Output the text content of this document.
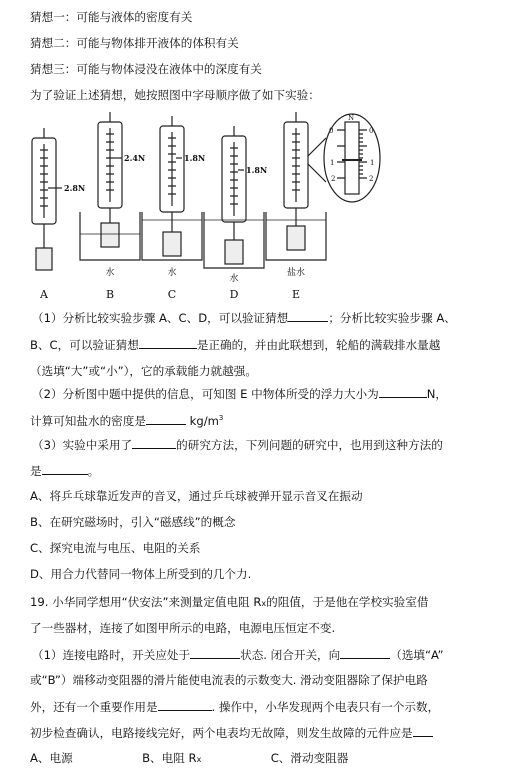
猜想一：可能与液体的密度有关
猜想二：可能与物体排开液体的体积有关
猜想三：可能与物体浸没在液体中的深度有关
为了验证上述猜想，她按照图中字母顺序做了如下实验：
2.8N
2.4N	1.8N
1.8N
N
0
1
2
0
1
2
水	水
水
盐水
A	B	C	D	E
（1）分析比较实验步骤 A、C、D，可以验证猜想	；分析比较实验步骤 A、
B、C，可以验证猜想	是正确的，并由此联想到，轮船的满载排水量越
（选填“大”或“小”），它的承载能力就越强。
（2）分析图中题中提供的信息，可知图 E 中物体所受的浮力大小为	N，
计算可知盐水的密度是	$kg/m^3$
（3）实验中采用了	的研究方法，下列问题的研究中，也用到这种方法的
是	。
A、将乒乓球靠近发声的音叉，通过乒乓球被弹开显示音叉在振动
B、在研究磁场时，引入“磁感线”的概念
C、探究电流与电压、电阻的关系
D、用合力代替同一物体上所受到的几个力.
19. 小华同学想用“伏安法”来测量定值电阻 Rx的阻值，于是他在学校实验室借
了一些器材，连接了如图甲所示的电路，电源电压恒定不变.
（1）连接电路时，开关应处于	状态. 闭合开关，向	（选填“A”
或“B”）端移动变阻器的滑片能使电流表的示数变大. 滑动变阻器除了保护电路
外，还有一个重要作用是	. 操作中，小华发现两个电表只有一个示数，
初步检查确认，电路接线完好，两个电表均无故障，则发生故障的元件应是
A、电源	B、电阻 Rx	C、滑动变阻器
